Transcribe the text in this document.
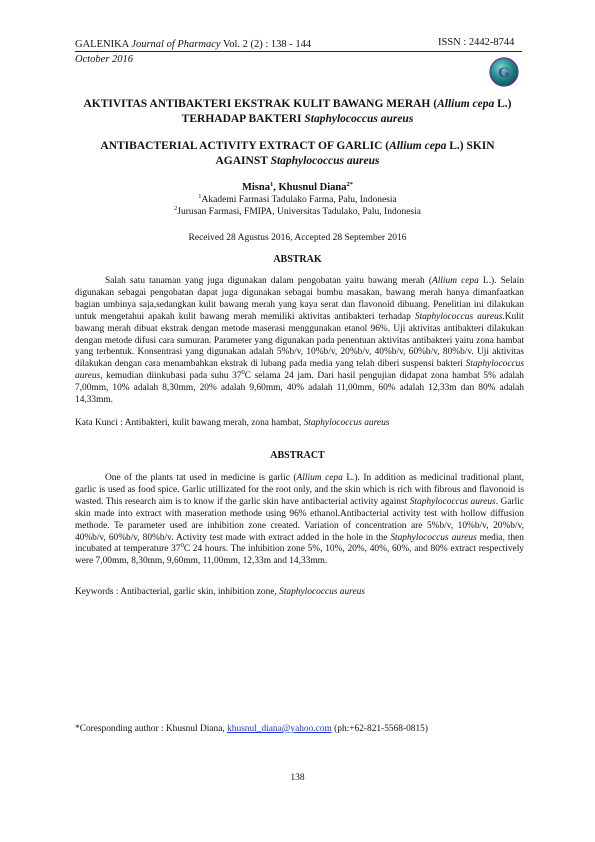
GALENIKA Journal of Pharmacy Vol. 2 (2) : 138 - 144
October 2016
ISSN : 2442-8744
G
AKTIVITAS ANTIBAKTERI EKSTRAK KULIT BAWANG MERAH (Allium cepa L.)
TERHADAP BAKTERI Staphylococcus aureus
ANTIBACTERIAL ACTIVITY EXTRACT OF GARLIC (Allium cepa L.) SKIN
AGAINST Staphylococcus aureus
Misna$^1$, Khusnul Diana$^{2*}$
$^1$Akademi Farmasi Tadulako Farma, Palu, Indonesia
$^2$Jurusan Farmasi, FMIPA, Universitas Tadulako, Palu, Indonesia
Received 28 Agustus 2016, Accepted 28 September 2016
ABSTRAK
Salah satu tanaman yang juga digunakan dalam pengobatan yaitu bawang merah (Allium cepa L.). Selain digunakan sebagai pengobatan dapat juga digunakan sebagai bumbu masakan, bawang merah hanya dimanfaatkan bagian umbinya saja,sedangkan kulit bawang merah yang kaya serat dan flavonoid dibuang. Penelitian ini dilakukan untuk mengetahui apakah kulit bawang merah memiliki aktivitas antibakteri terhadap Staphylococcus aureus.Kulit bawang merah dibuat ekstrak dengan metode maserasi menggunakan etanol 96%. Uji aktivitas antibakteri dilakukan dengan metode difusi cara sumuran. Parameter yang digunakan pada penentuan aktivitas antibakteri yaitu zona hambat yang terbentuk. Konsentrasi yang digunakan adalah 5%b/v, 10%b/v, 20%b/v, 40%b/v, 60%b/v, 80%b/v. Uji aktivitas dilakukan dengan cara menambahkan ekstrak di lubang pada media yang telah diberi suspensi bakteri Staphylococcus aureus, kemudian diinkubasi pada suhu $37^0C$ selama 24 jam. Dari hasil pengujian didapat zona hambat 5% adalah 7,00mm, 10% adalah 8,30mm, 20% adalah 9,60mm, 40% adalah 11,00mm, 60% adalah 12,33m dan 80% adalah 14,33mm.
Kata Kunci : Antibakteri, kulit bawang merah, zona hambat, Staphylococcus aureus
ABSTRACT
One of the plants tat used in medicine is garlic (Allium cepa L.). In addition as medicinal traditional plant, garlic is used as food spice. Garlic utillizated for the root only, and the skin which is rich with fibrous and flavonoid is wasted. This research aim is to know if the garlic skin have antibacterial activity against Staphylococcus aureus. Garlic skin made into extract with maseration methode using 96% ethanol.Antibacterial activity test with hollow diffusion methode. Te parameter used are inhibition zone created. Variation of concentration are 5%b/v, 10%b/v, 20%b/v, 40%b/v, 60%b/v, 80%b/v. Activity test made with extract added in the hole in the Staphylococcus aureus media, then incubated at temperature $37^0C$ 24 hours. The inhibition zone 5%, 10%, 20%, 40%, 60%, and 80% extract respectively were 7,00mm, 8,30mm, 9,60mm, 11,00mm, 12,33m and 14,33mm.
Keywords : Antibacterial, garlic skin, inhibition zone, Staphylococcus aureus
*Coresponding author : Khusnul Diana, khusnul_diana@yahoo.com (ph:+62-821-5568-0815)
138
